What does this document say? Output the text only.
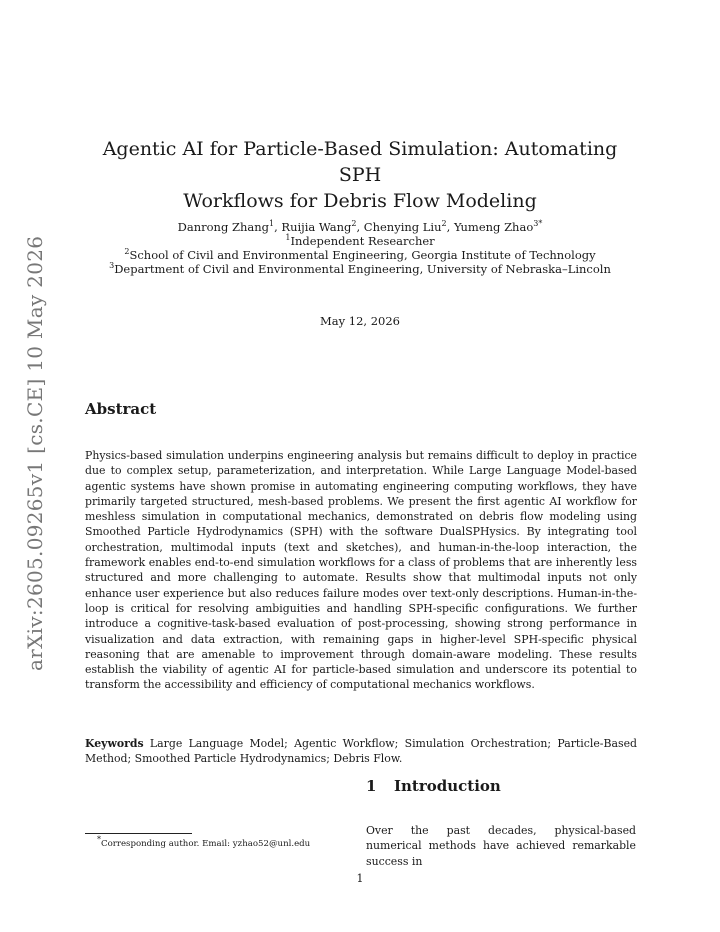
arXiv:2605.09265v1 [cs.CE] 10 May 2026
Agentic AI for Particle-Based Simulation: Automating SPH
Workflows for Debris Flow Modeling
Danrong Zhang$^1$, Ruijia Wang$^2$, Chenying Liu$^2$, Yumeng Zhao$^{3*}$
$^1$Independent Researcher
$^2$School of Civil and Environmental Engineering, Georgia Institute of Technology
$^3$Department of Civil and Environmental Engineering, University of Nebraska–Lincoln
May 12, 2026
Abstract
Physics-based simulation underpins engineering analysis but remains difficult to deploy in practice due to complex setup, parameterization, and interpretation. While Large Language Model-based agentic systems have shown promise in automating engineering computing workflows, they have primarily targeted structured, mesh-based problems. We present the first agentic AI workflow for meshless simulation in computational mechanics, demonstrated on debris flow modeling using Smoothed Particle Hydrodynamics (SPH) with the software DualSPHysics. By integrating tool orchestration, multimodal inputs (text and sketches), and human-in-the-loop interaction, the framework enables end-to-end simulation workflows for a class of problems that are inherently less structured and more challenging to automate. Results show that multimodal inputs not only enhance user experience but also reduces failure modes over text-only descriptions. Human-in-the-loop is critical for resolving ambiguities and handling SPH-specific configurations. We further introduce a cognitive-task-based evaluation of post-processing, showing strong performance in visualization and data extraction, with remaining gaps in higher-level SPH-specific physical reasoning that are amenable to improvement through domain-aware modeling. These results establish the viability of agentic AI for particle-based simulation and underscore its potential to transform the accessibility and efficiency of computational mechanics workflows.
Keywords Large Language Model; Agentic Workflow; Simulation Orchestration; Particle-Based Method; Smoothed Particle Hydrodynamics; Debris Flow.
1 Introduction
Over the past decades, physical-based numerical methods have achieved remarkable success in
*Corresponding author. Email: yzhao52@unl.edu
1
